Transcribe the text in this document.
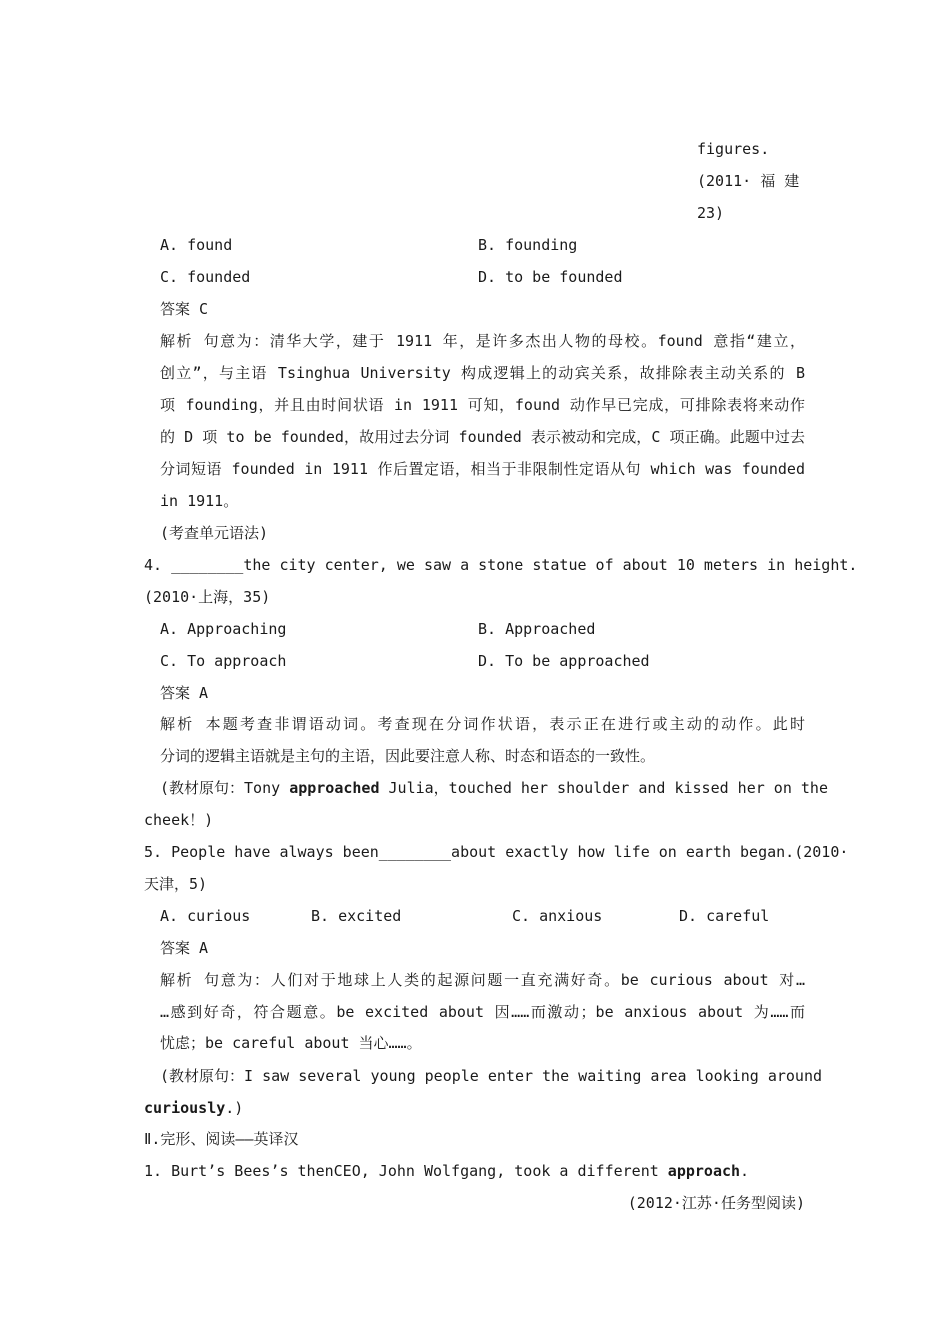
figures.
(2011· 福 建
23)
A. found	B. founding
C. founded	D. to be founded
答案 C
解析 句意为：清华大学，建于 1911 年，是许多杰出人物的母校。found 意指“建立，
创立”，与主语 Tsinghua University 构成逻辑上的动宾关系，故排除表主动关系的 B
项 founding，并且由时间状语 in 1911 可知，found 动作早已完成，可排除表将来动作
的 D 项 to be founded，故用过去分词 founded 表示被动和完成，C 项正确。此题中过去
分词短语 founded in 1911 作后置定语，相当于非限制性定语从句 which was founded
in 1911。
(考查单元语法)
4. ________the city center, we saw a stone statue of about 10 meters in height.
(2010·上海，35)
A. Approaching	B. Approached
C. To approach	D. To be approached
答案 A
解析 本题考查非谓语动词。考查现在分词作状语，表示正在进行或主动的动作。此时
分词的逻辑主语就是主句的主语，因此要注意人称、时态和语态的一致性。
(教材原句：Tony approached Julia，touched her shoulder and kissed her on the
cheek！)
5. People have always been________about exactly how life on earth began.(2010·
天津，5)
A. curious	B. excited	C. anxious	D. careful
答案 A
解析 句意为：人们对于地球上人类的起源问题一直充满好奇。be curious about 对…
…感到好奇，符合题意。be excited about 因……而激动；be anxious about 为……而
忧虑；be careful about 当心……。
(教材原句：I saw several young people enter the waiting area looking around
curiously.)
Ⅱ.完形、阅读——英译汉
1. Burt’s Bees’s thenCEO, John Wolfgang, took a different approach.
(2012·江苏·任务型阅读)
